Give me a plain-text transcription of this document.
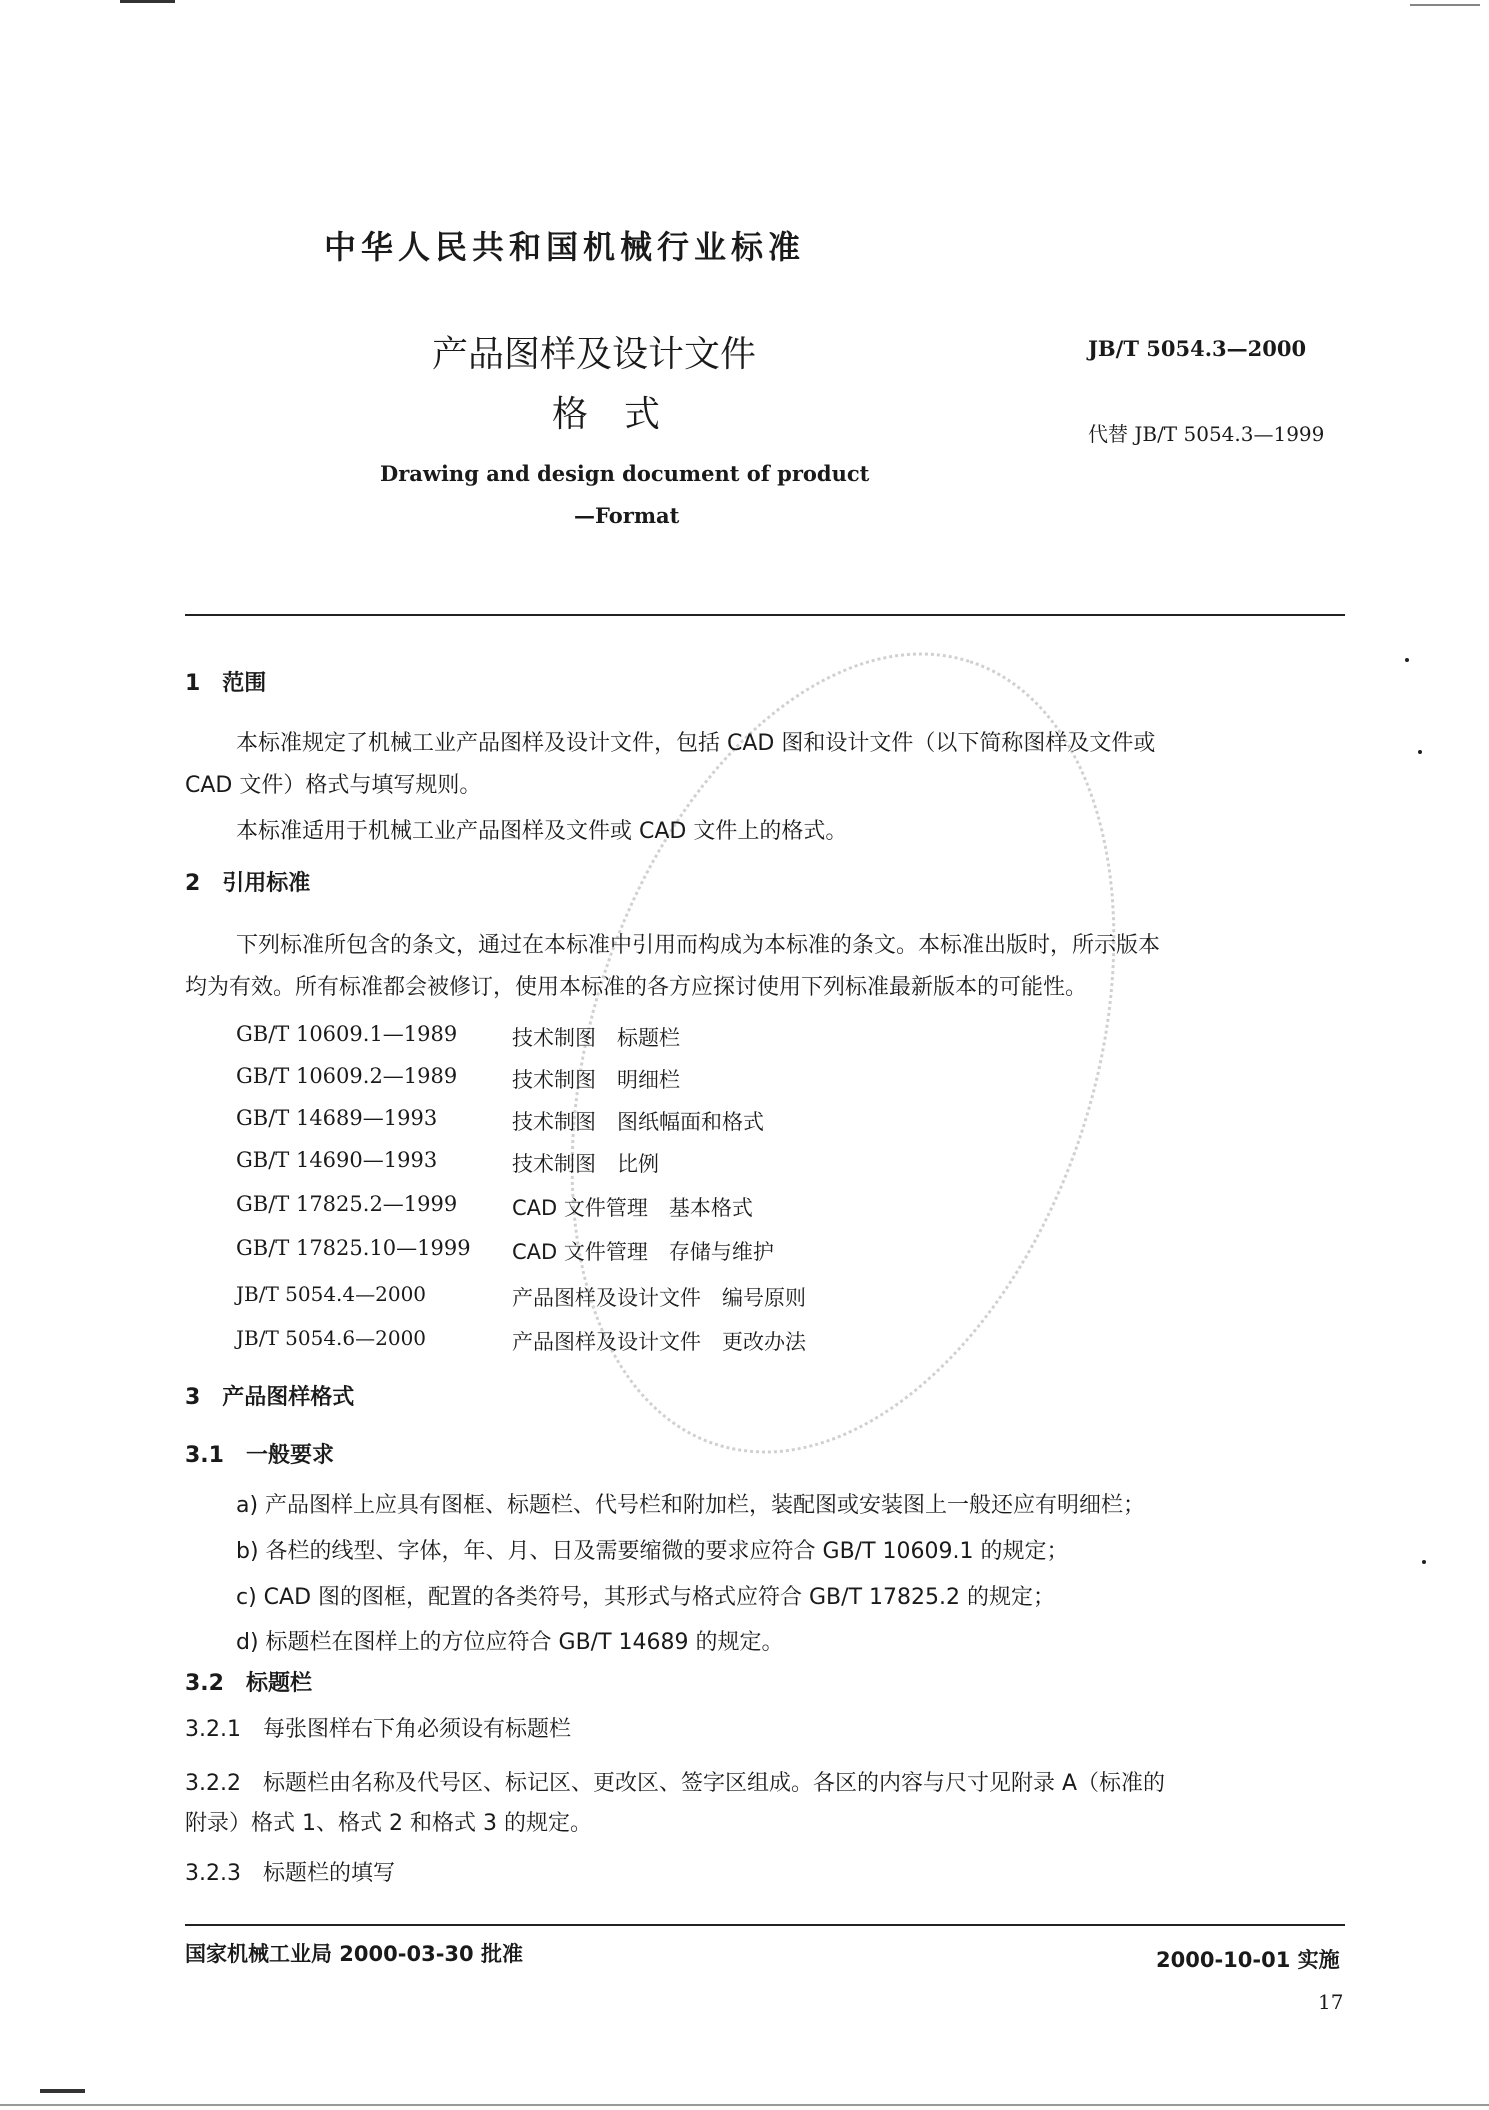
中华人民共和国机械行业标准
产品图样及设计文件
格　式
JB/T 5054.3—2000
代替 JB/T 5054.3—1999
Drawing and design document of product
—Format
1　范围
本标准规定了机械工业产品图样及设计文件，包括 CAD 图和设计文件（以下简称图样及文件或
CAD 文件）格式与填写规则。
本标准适用于机械工业产品图样及文件或 CAD 文件上的格式。
2　引用标准
下列标准所包含的条文，通过在本标准中引用而构成为本标准的条文。本标准出版时，所示版本
均为有效。所有标准都会被修订，使用本标准的各方应探讨使用下列标准最新版本的可能性。
GB/T 10609.1—1989	技术制图　标题栏
GB/T 10609.2—1989	技术制图　明细栏
GB/T 14689—1993	技术制图　图纸幅面和格式
GB/T 14690—1993	技术制图　比例
GB/T 17825.2—1999	CAD 文件管理　基本格式
GB/T 17825.10—1999 CAD 文件管理　存储与维护
JB/T 5054.4—2000	产品图样及设计文件　编号原则
JB/T 5054.6—2000	产品图样及设计文件　更改办法
3　产品图样格式
3.1　一般要求
a) 产品图样上应具有图框、标题栏、代号栏和附加栏，装配图或安装图上一般还应有明细栏；
b) 各栏的线型、字体，年、月、日及需要缩微的要求应符合 GB/T 10609.1 的规定；
c) CAD 图的图框，配置的各类符号，其形式与格式应符合 GB/T 17825.2 的规定；
d) 标题栏在图样上的方位应符合 GB/T 14689 的规定。
3.2　标题栏
3.2.1　每张图样右下角必须设有标题栏
3.2.2　标题栏由名称及代号区、标记区、更改区、签字区组成。各区的内容与尺寸见附录 A（标准的
附录）格式 1、格式 2 和格式 3 的规定。
3.2.3　标题栏的填写
国家机械工业局 2000-03-30 批准	2000-10-01 实施
17
